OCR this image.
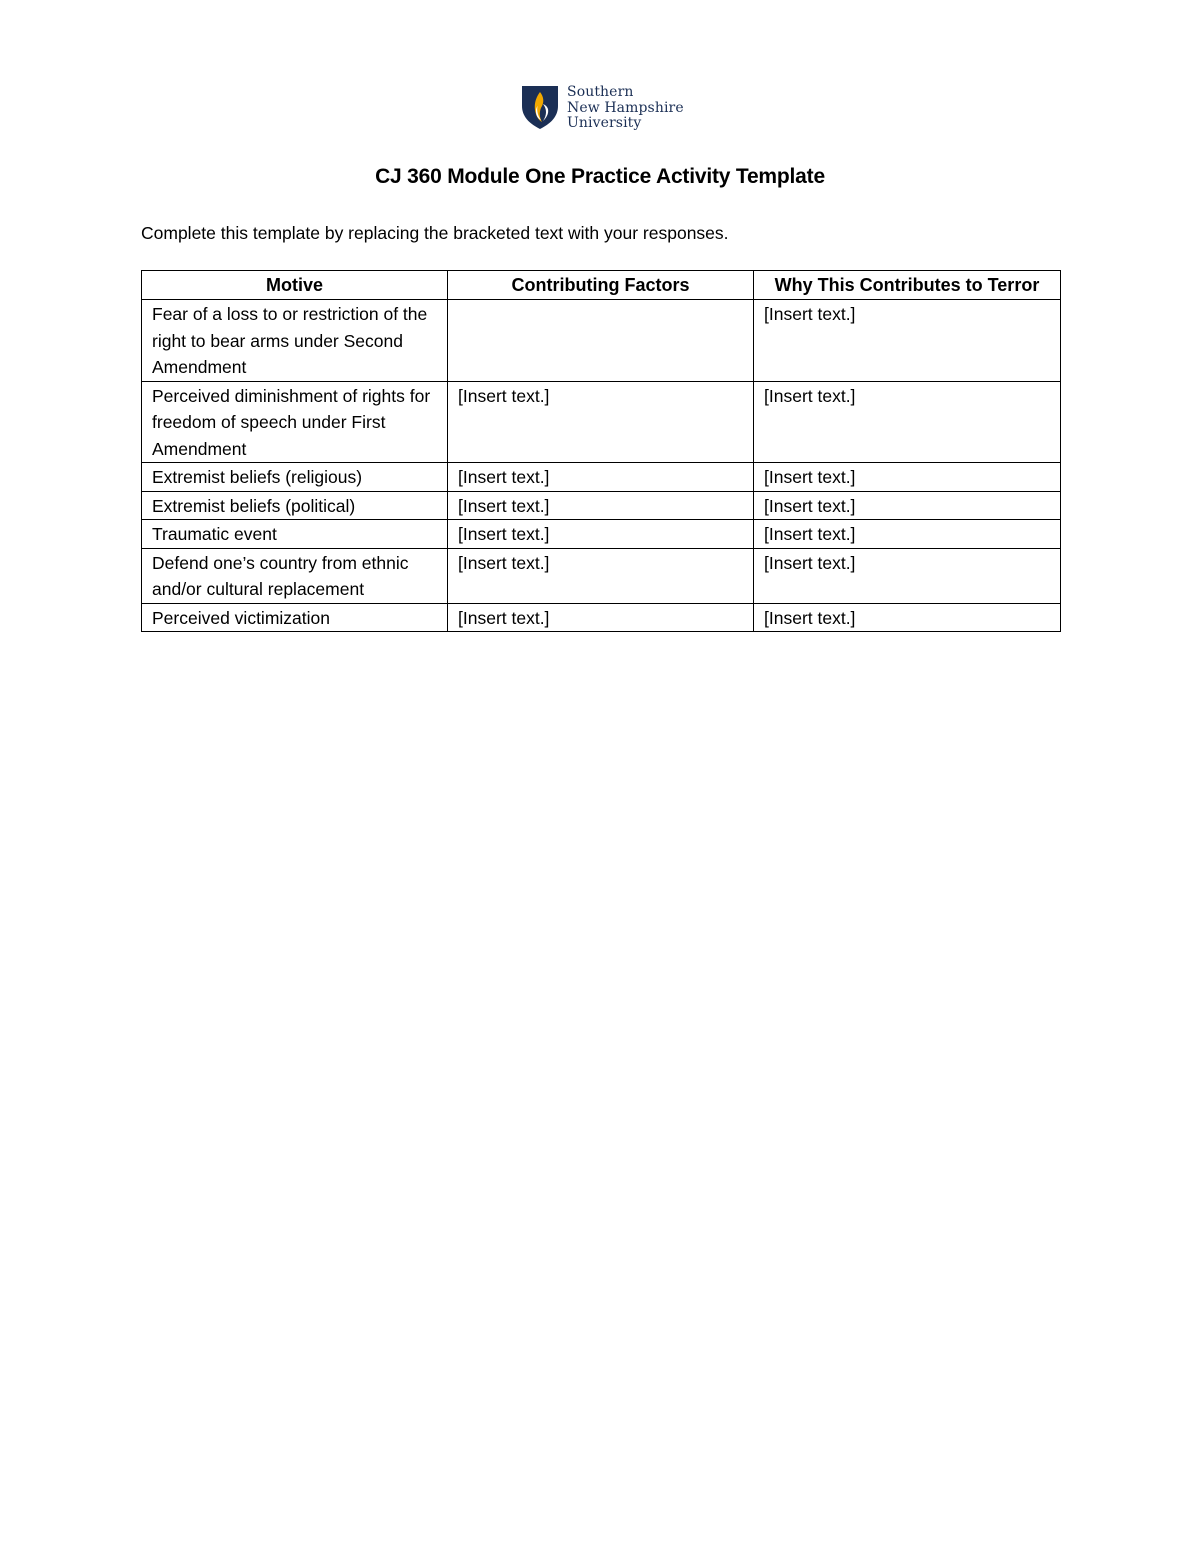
Southern
New Hampshire
University
CJ 360 Module One Practice Activity Template
Complete this template by replacing the bracketed text with your responses.
Motive	Contributing Factors	Why This Contributes to Terror
Fear of a loss to or restriction of the right to bear arms under Second Amendment		[Insert text.]
Perceived diminishment of rights for freedom of speech under First Amendment	[Insert text.]	[Insert text.]
Extremist beliefs (religious)	[Insert text.]	[Insert text.]
Extremist beliefs (political)	[Insert text.]	[Insert text.]
Traumatic event	[Insert text.]	[Insert text.]
Defend one’s country from ethnic and/or cultural replacement	[Insert text.]	[Insert text.]
Perceived victimization	[Insert text.]	[Insert text.]
